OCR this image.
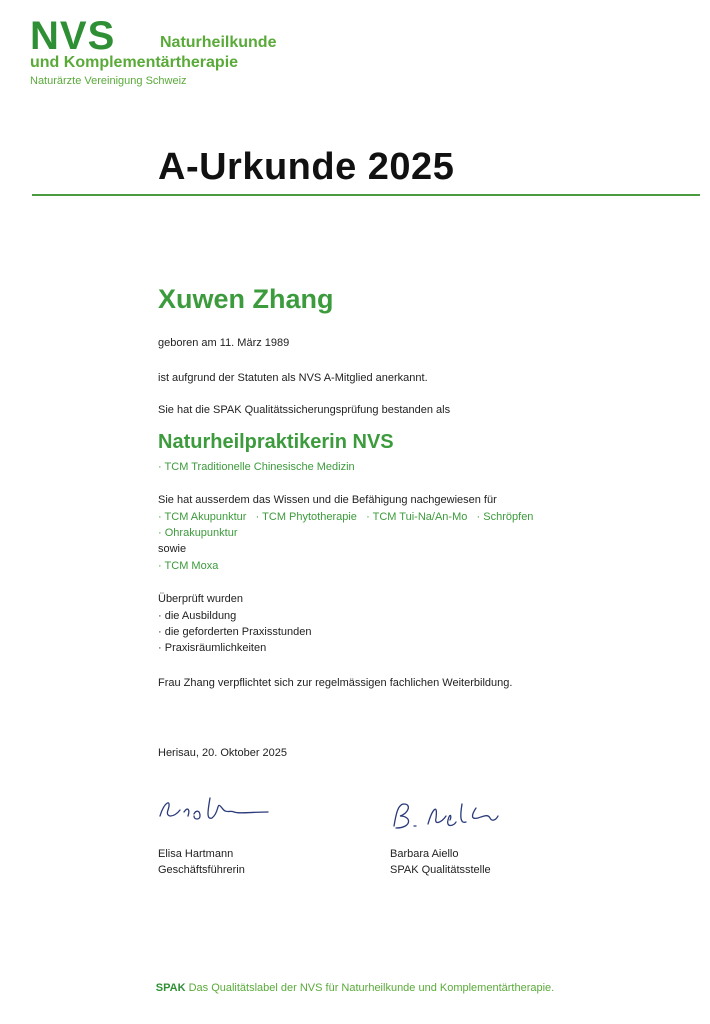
NVS	Naturheilkunde
und Komplementärtherapie
Naturärzte Vereinigung Schweiz
A-Urkunde 2025
Xuwen Zhang
geboren am 11. März 1989
ist aufgrund der Statuten als NVS A-Mitglied anerkannt.
Sie hat die SPAK Qualitätssicherungsprüfung bestanden als
Naturheilpraktikerin NVS
· TCM Traditionelle Chinesische Medizin
Sie hat ausserdem das Wissen und die Befähigung nachgewiesen für
· TCM Akupunktur · TCM Phytotherapie · TCM Tui-Na/An-Mo · Schröpfen
· Ohrakupunktur
sowie
· TCM Moxa
Überprüft wurden
· die Ausbildung
· die geforderten Praxisstunden
· Praxisräumlichkeiten
Frau Zhang verpflichtet sich zur regelmässigen fachlichen Weiterbildung.
Herisau, 20. Oktober 2025
Elisa Hartmann
Geschäftsführerin
Barbara Aiello
SPAK Qualitätsstelle
SPAK Das Qualitätslabel der NVS für Naturheilkunde und Komplementärtherapie.
